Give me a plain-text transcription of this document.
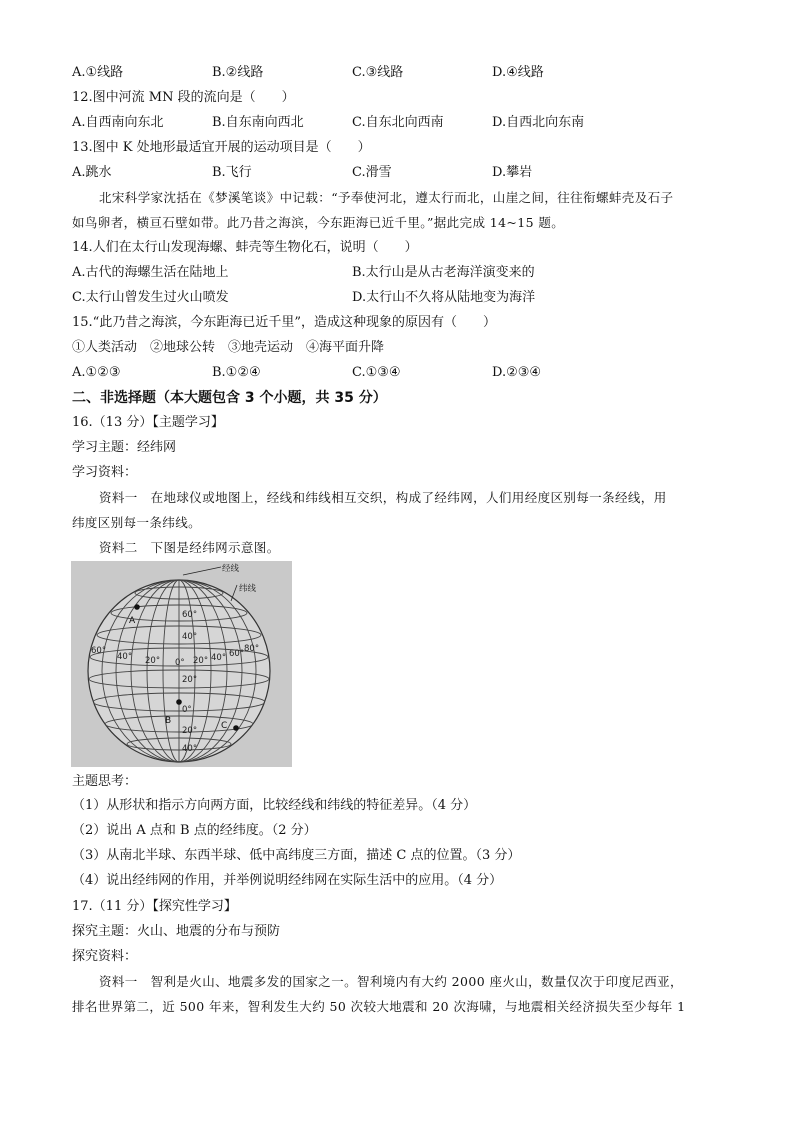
A.①线路	B.②线路	C.③线路	D.④线路
12.图中河流 MN 段的流向是（　　）
A.自西南向东北	B.自东南向西北	C.自东北向西南	D.自西北向东南
13.图中 K 处地形最适宜开展的运动项目是（　　）
A.跳水	B.飞行	C.滑雪	D.攀岩
北宋科学家沈括在《梦溪笔谈》中记载：“予奉使河北，遵太行而北，山崖之间，往往衔螺蚌壳及石子
如鸟卵者，横亘石壁如带。此乃昔之海滨，今东距海已近千里。”据此完成 14~15 题。
14.人们在太行山发现海螺、蚌壳等生物化石，说明（　　）
A.古代的海螺生活在陆地上	B.太行山是从古老海洋演变来的
C.太行山曾发生过火山喷发	D.太行山不久将从陆地变为海洋
15.“此乃昔之海滨，今东距海已近千里”，造成这种现象的原因有（　　）
①人类活动　②地球公转　③地壳运动　④海平面升降
A.①②③	B.①②④	C.①③④	D.②③④
二、非选择题（本大题包含 3 个小题，共 35 分）
16.（13 分）【主题学习】
学习主题：经纬网
学习资料：
资料一　在地球仪或地图上，经线和纬线相互交织，构成了经纬网，人们用经度区别每一条经线，用
纬度区别每一条纬线。
资料二　下图是经纬网示意图。
经线
纬线
60°
40°
20°
0°
20°
40°
60°
40° 20° 0° 20° 40° 60° 80°
A
B	C
主题思考：
（1）从形状和指示方向两方面，比较经线和纬线的特征差异。（4 分）
（2）说出 A 点和 B 点的经纬度。（2 分）
（3）从南北半球、东西半球、低中高纬度三方面，描述 C 点的位置。（3 分）
（4）说出经纬网的作用，并举例说明经纬网在实际生活中的应用。（4 分）
17.（11 分）【探究性学习】
探究主题：火山、地震的分布与预防
探究资料：
资料一　智利是火山、地震多发的国家之一。智利境内有大约 2000 座火山，数量仅次于印度尼西亚，
排名世界第二，近 500 年来，智利发生大约 50 次较大地震和 20 次海啸，与地震相关经济损失至少每年 1
